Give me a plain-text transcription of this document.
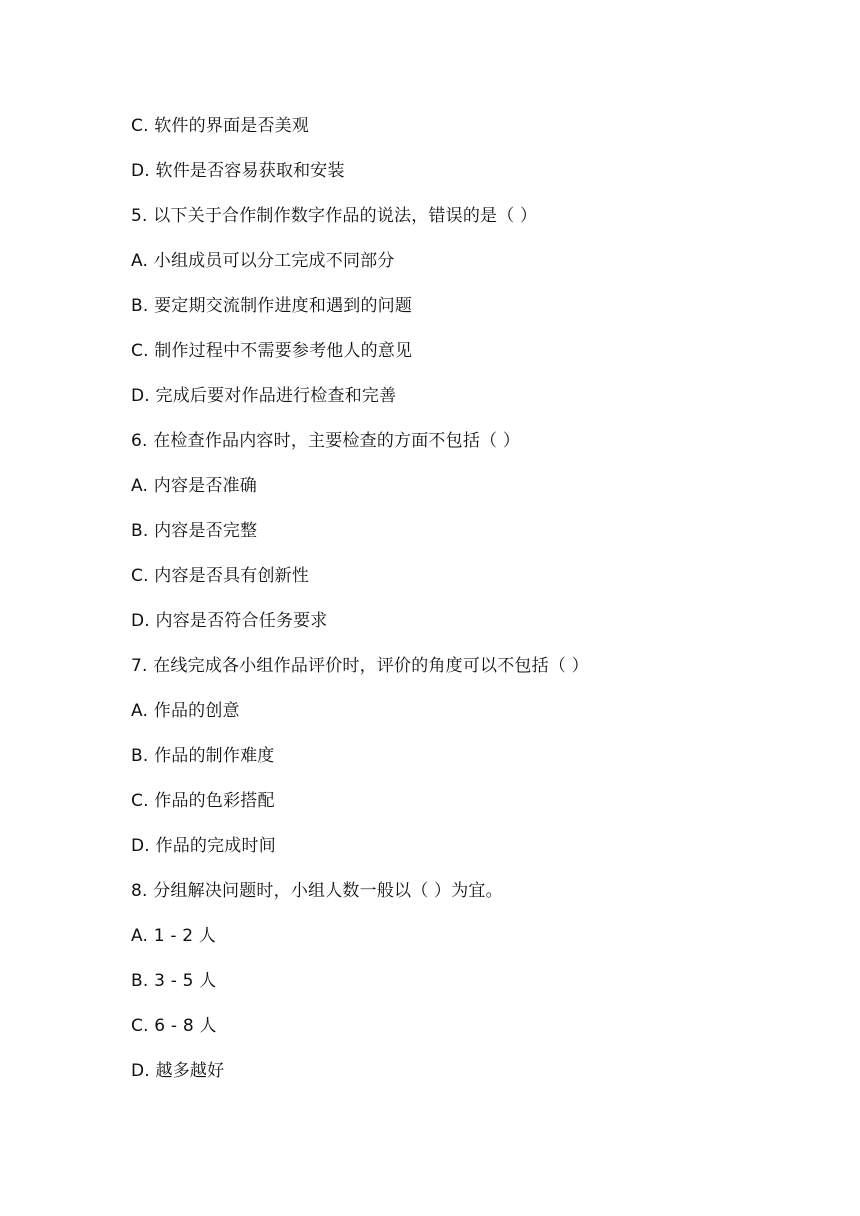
C. 软件的界面是否美观
D. 软件是否容易获取和安装
5. 以下关于合作制作数字作品的说法，错误的是（ ）
A. 小组成员可以分工完成不同部分
B. 要定期交流制作进度和遇到的问题
C. 制作过程中不需要参考他人的意见
D. 完成后要对作品进行检查和完善
6. 在检查作品内容时，主要检查的方面不包括（ ）
A. 内容是否准确
B. 内容是否完整
C. 内容是否具有创新性
D. 内容是否符合任务要求
7. 在线完成各小组作品评价时，评价的角度可以不包括（ ）
A. 作品的创意
B. 作品的制作难度
C. 作品的色彩搭配
D. 作品的完成时间
8. 分组解决问题时，小组人数一般以（ ）为宜。
A. 1 - 2 人
B. 3 - 5 人
C. 6 - 8 人
D. 越多越好
